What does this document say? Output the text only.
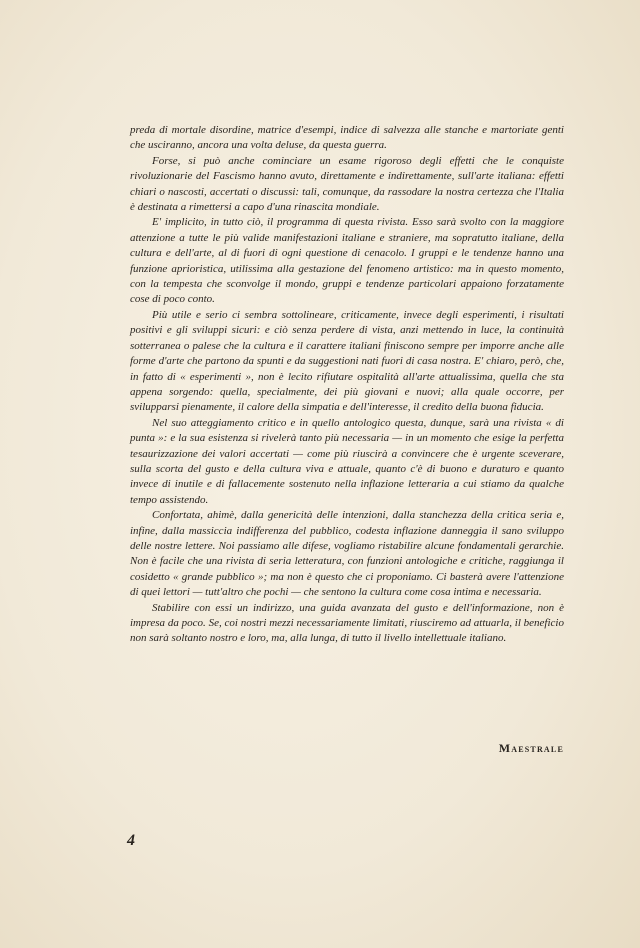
preda di mortale disordine, matrice d'esempi, indice di salvezza alle stanche e martoriate genti che usciranno, ancora una volta deluse, da questa guerra.

Forse, si può anche cominciare un esame rigoroso degli effetti che le conquiste rivoluzionarie del Fascismo hanno avuto, direttamente e indirettamente, sull'arte italiana: effetti chiari o nascosti, accertati o discussi: tali, comunque, da rassodare la nostra certezza che l'Italia è destinata a rimettersi a capo d'una rinascita mondiale.

E' implicito, in tutto ciò, il programma di questa rivista. Esso sarà svolto con la maggiore attenzione a tutte le più valide manifestazioni italiane e straniere, ma sopratutto italiane, della cultura e dell'arte, al di fuori di ogni questione di cenacolo. I gruppi e le tendenze hanno una funzione aprioristica, utilissima alla gestazione del fenomeno artistico: ma in questo momento, con la tempesta che sconvolge il mondo, gruppi e tendenze particolari appaiono forzatamente cose di poco conto.

Più utile e serio ci sembra sottolineare, criticamente, invece degli esperimenti, i risultati positivi e gli sviluppi sicuri: e ciò senza perdere di vista, anzi mettendo in luce, la continuità sotterranea o palese che la cultura e il carattere italiani finiscono sempre per imporre anche alle forme d'arte che partono da spunti e da suggestioni nati fuori di casa nostra. E' chiaro, però, che, in fatto di « esperimenti », non è lecito rifiutare ospitalità all'arte attualissima, quella che sta appena sorgendo: quella, specialmente, dei più giovani e nuovi; alla quale occorre, per svilupparsi pienamente, il calore della simpatia e dell'interesse, il credito della buona fiducia.

Nel suo atteggiamento critico e in quello antologico questa, dunque, sarà una rivista « di punta »: e la sua esistenza si rivelerà tanto più necessaria — in un momento che esige la perfetta tesaurizzazione dei valori accertati — come più riuscirà a convincere che è urgente sceverare, sulla scorta del gusto e della cultura viva e attuale, quanto c'è di buono e duraturo e quanto invece di inutile e di fallacemente sostenuto nella inflazione letteraria a cui stiamo da qualche tempo assistendo.

Confortata, ahimè, dalla genericità delle intenzioni, dalla stanchezza della critica seria e, infine, dalla massiccia indifferenza del pubblico, codesta inflazione danneggia il sano sviluppo delle nostre lettere. Noi passiamo alle difese, vogliamo ristabilire alcune fondamentali gerarchie. Non è facile che una rivista di seria letteratura, con funzioni antologiche e critiche, raggiunga il cosidetto « grande pubblico »; ma non è questo che ci proponiamo. Ci basterà avere l'attenzione di quei lettori — tutt'altro che pochi — che sentono la cultura come cosa intima e necessaria.

Stabilire con essi un indirizzo, una guida avanzata del gusto e dell'informazione, non è impresa da poco. Se, coi nostri mezzi necessariamente limitati, riusciremo ad attuarla, il beneficio non sarà soltanto nostro e loro, ma, alla lunga, di tutto il livello intellettuale italiano.

Maestrale
4
